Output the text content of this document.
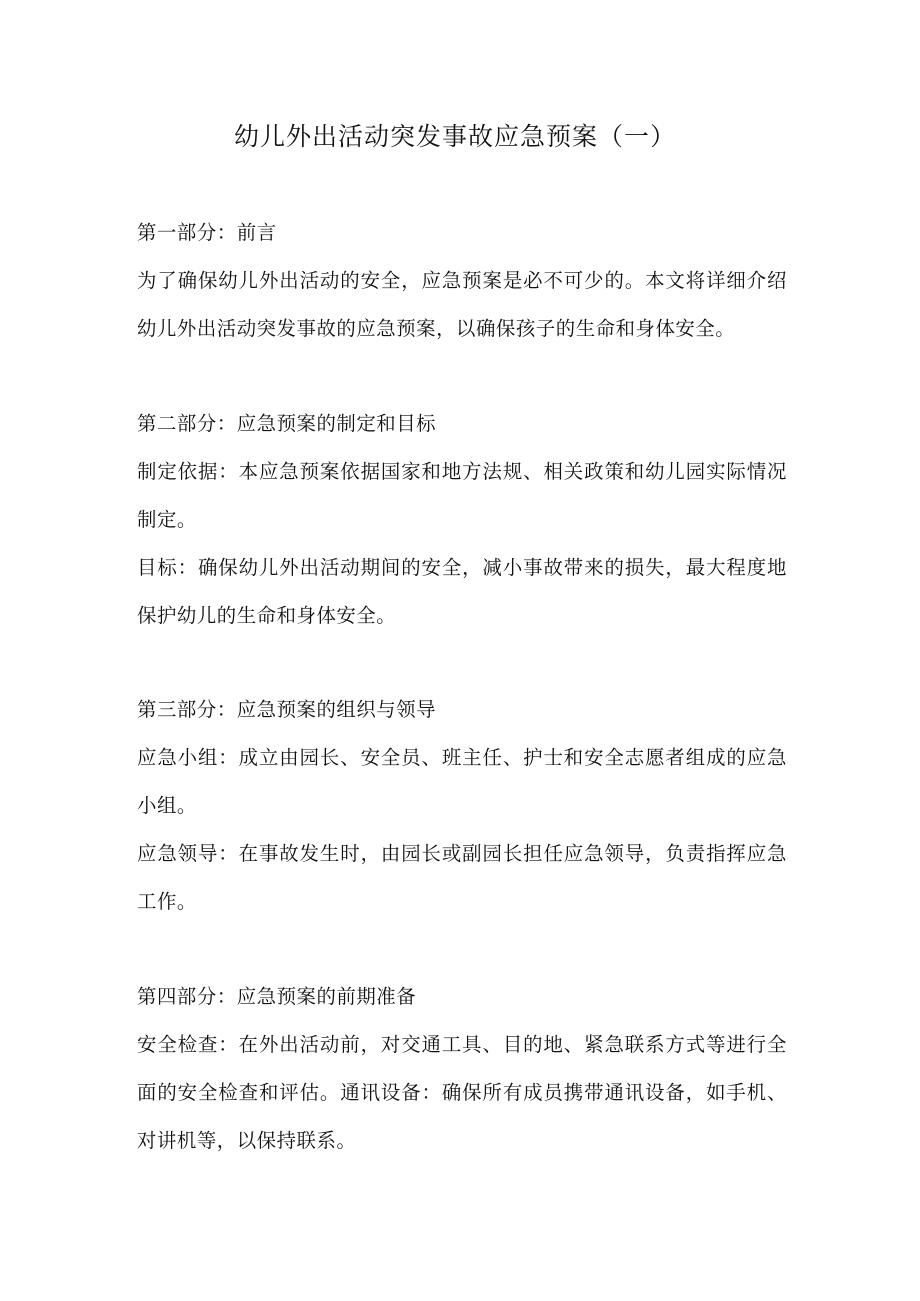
幼儿外出活动突发事故应急预案（一）

第一部分：前言

为了确保幼儿外出活动的安全，应急预案是必不可少的。本文将详细介绍幼儿外出活动突发事故的应急预案，以确保孩子的生命和身体安全。

第二部分：应急预案的制定和目标

制定依据：本应急预案依据国家和地方法规、相关政策和幼儿园实际情况制定。

目标：确保幼儿外出活动期间的安全，减小事故带来的损失，最大程度地保护幼儿的生命和身体安全。

第三部分：应急预案的组织与领导

应急小组：成立由园长、安全员、班主任、护士和安全志愿者组成的应急小组。

应急领导：在事故发生时，由园长或副园长担任应急领导，负责指挥应急工作。

第四部分：应急预案的前期准备

安全检查：在外出活动前，对交通工具、目的地、紧急联系方式等进行全面的安全检查和评估。通讯设备：确保所有成员携带通讯设备，如手机、对讲机等，以保持联系。
